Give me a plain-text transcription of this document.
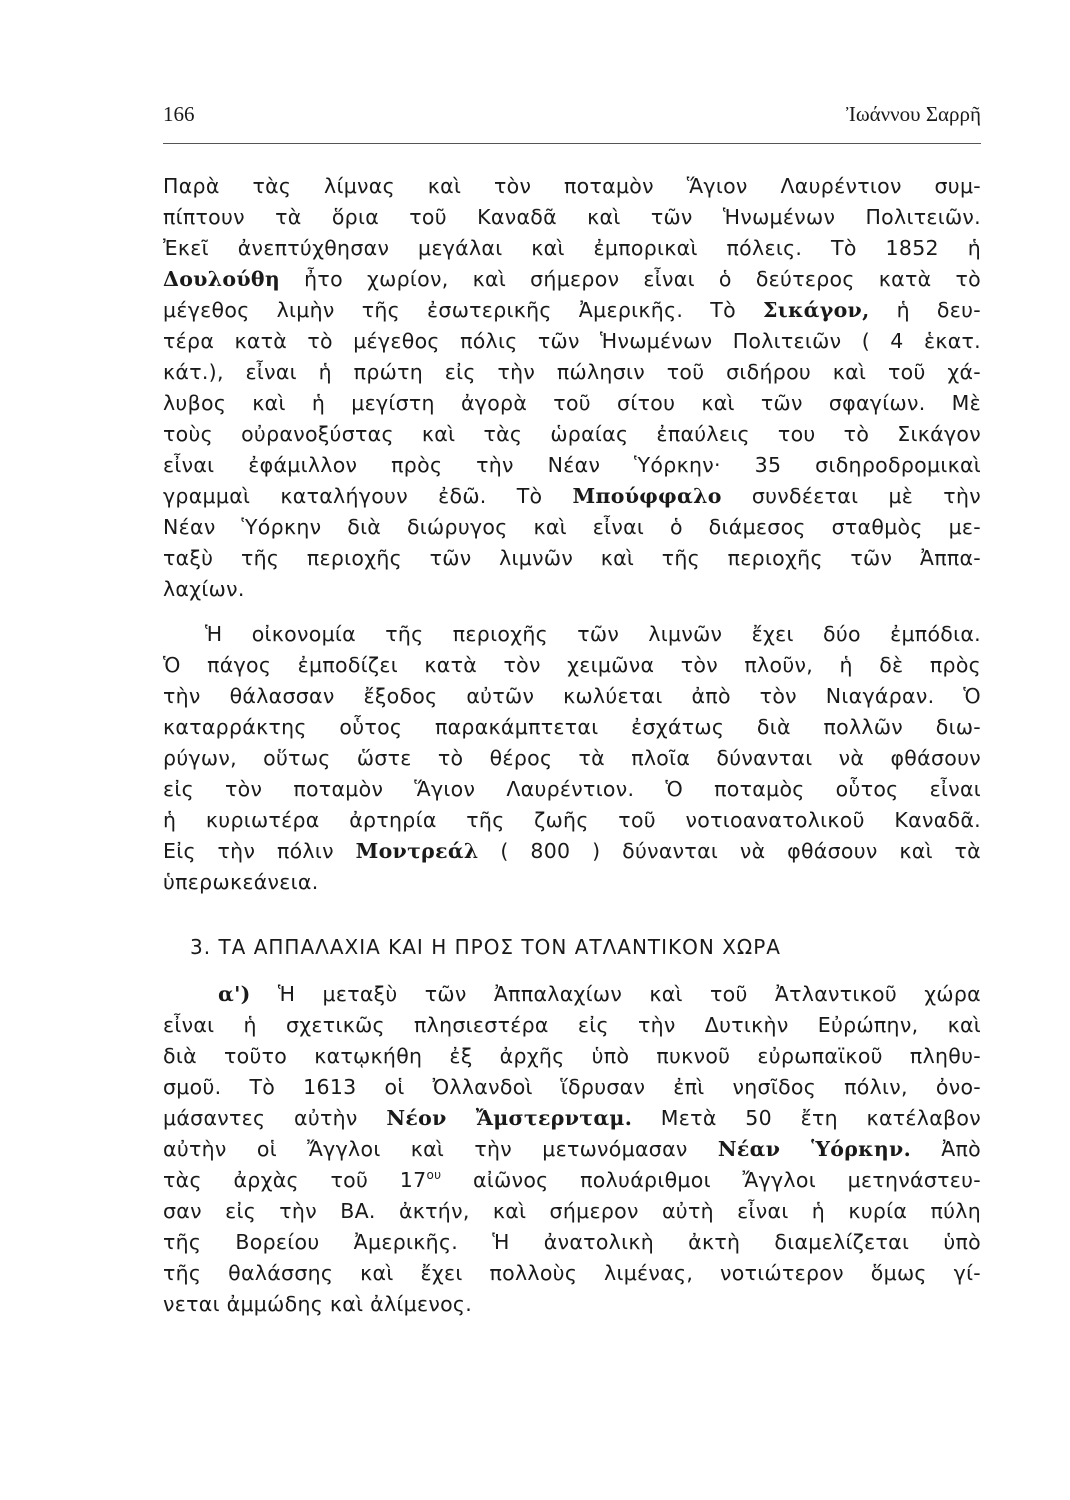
166	Ἰωάννου Σαρρῆ
Παρὰ τὰς λίμνας καὶ τὸν ποταμὸν Ἅγιον Λαυρέντιον συμ-
πίπτουν τὰ ὅρια τοῦ Καναδᾶ καὶ τῶν Ἡνωμένων Πολιτειῶν.
Ἐκεῖ ἀνεπτύχθησαν μεγάλαι καὶ ἐμπορικαὶ πόλεις. Τὸ 1852 ἡ
Δουλούθη ἦτο χωρίον, καὶ σήμερον εἶναι ὁ δεύτερος κατὰ τὸ
μέγεθος λιμὴν τῆς ἐσωτερικῆς Ἀμερικῆς. Τὸ Σικάγον, ἡ δευ-
τέρα κατὰ τὸ μέγεθος πόλις τῶν Ἡνωμένων Πολιτειῶν ( 4 ἑκατ.
κάτ.), εἶναι ἡ πρώτη εἰς τὴν πώλησιν τοῦ σιδήρου καὶ τοῦ χά-
λυβος καὶ ἡ μεγίστη ἀγορὰ τοῦ σίτου καὶ τῶν σφαγίων. Μὲ
τοὺς οὐρανοξύστας καὶ τὰς ὡραίας ἐπαύλεις του τὸ Σικάγον
εἶναι ἐφάμιλλον πρὸς τὴν Νέαν Ὑόρκην· 35 σιδηροδρομικαὶ
γραμμαὶ καταλήγουν ἐδῶ. Τὸ Μπούφφαλο συνδέεται μὲ τὴν
Νέαν Ὑόρκην διὰ διώρυγος καὶ εἶναι ὁ διάμεσος σταθμὸς με-
ταξὺ τῆς περιοχῆς τῶν λιμνῶν καὶ τῆς περιοχῆς τῶν Ἀππα-
λαχίων.
Ἡ οἰκονομία τῆς περιοχῆς τῶν λιμνῶν ἔχει δύο ἐμπόδια.
Ὁ πάγος ἐμποδίζει κατὰ τὸν χειμῶνα τὸν πλοῦν, ἡ δὲ πρὸς
τὴν θάλασσαν ἔξοδος αὐτῶν κωλύεται ἀπὸ τὸν Νιαγάραν. Ὁ
καταρράκτης οὗτος παρακάμπτεται ἐσχάτως διὰ πολλῶν διω-
ρύγων, οὕτως ὥστε τὸ θέρος τὰ πλοῖα δύνανται νὰ φθάσουν
εἰς τὸν ποταμὸν Ἅγιον Λαυρέντιον. Ὁ ποταμὸς οὗτος εἶναι
ἡ κυριωτέρα ἀρτηρία τῆς ζωῆς τοῦ νοτιοανατολικοῦ Καναδᾶ.
Εἰς τὴν πόλιν Μοντρεάλ ( 800 ) δύνανται νὰ φθάσουν καὶ τὰ
ὑπερωκεάνεια.
3. ΤΑ ΑΠΠΑΛΑΧΙΑ ΚΑΙ Η ΠΡΟΣ ΤΟΝ ΑΤΛΑΝΤΙΚΟΝ ΧΩΡΑ
α') Ἡ μεταξὺ τῶν Ἀππαλαχίων καὶ τοῦ Ἀτλαντικοῦ χώρα
εἶναι ἡ σχετικῶς πλησιεστέρα εἰς τὴν Δυτικὴν Εὐρώπην, καὶ
διὰ τοῦτο κατῳκήθη ἐξ ἀρχῆς ὑπὸ πυκνοῦ εὐρωπαϊκοῦ πληθυ-
σμοῦ. Τὸ 1613 οἱ Ὀλλανδοὶ ἵδρυσαν ἐπὶ νησῖδος πόλιν, ὀνο-
μάσαντες αὐτὴν Νέον Ἄμστερνταμ. Μετὰ 50 ἔτη κατέλαβον
αὐτὴν οἱ Ἄγγλοι καὶ τὴν μετωνόμασαν Νέαν Ὑόρκην. Ἀπὸ
τὰς ἀρχὰς τοῦ $17^{o\upsilon}$ αἰῶνος πολυάριθμοι Ἄγγλοι μετηνάστευ-
σαν εἰς τὴν ΒΑ. ἀκτήν, καὶ σήμερον αὐτὴ εἶναι ἡ κυρία πύλη
τῆς Βορείου Ἀμερικῆς. Ἡ ἀνατολικὴ ἀκτὴ διαμελίζεται ὑπὸ
τῆς θαλάσσης καὶ ἔχει πολλοὺς λιμένας, νοτιώτερον ὅμως γί-
νεται ἀμμώδης καὶ ἀλίμενος.
